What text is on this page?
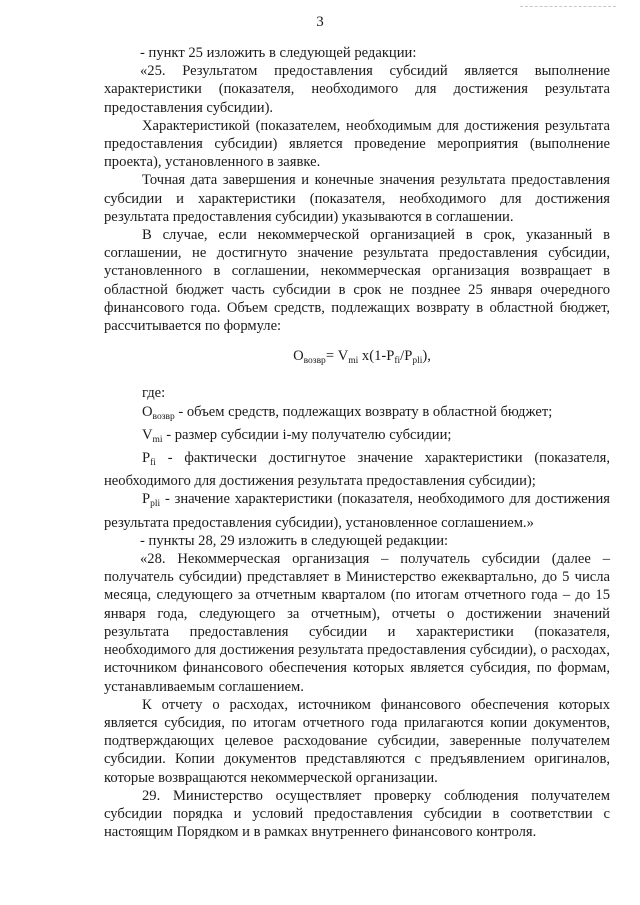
3

- пункт 25 изложить в следующей редакции:

«25. Результатом предоставления субсидий является выполнение характеристики (показателя, необходимого для достижения результата предоставления субсидии).

Характеристикой (показателем, необходимым для достижения результата предоставления субсидии) является проведение мероприятия (выполнение проекта), установленного в заявке.

Точная дата завершения и конечные значения результата предоставления субсидии и характеристики (показателя, необходимого для достижения результата предоставления субсидии) указываются в соглашении.

В случае, если некоммерческой организацией в срок, указанный в соглашении, не достигнуто значение результата предоставления субсидии, установленного в соглашении, некоммерческая организация возвращает в областной бюджет часть субсидии в срок не позднее 25 января очередного финансового года. Объем средств, подлежащих возврату в областной бюджет, рассчитывается по формуле:

$О_{возвр}= V_{mi}$ $x(1-P_{fi}/P_{pli})$,

где:

$О_{возвр}$ - объем средств, подлежащих возврату в областной бюджет;

$V_{mi}$ - размер субсидии i-му получателю субсидии;

$P_{fi}$ - фактически достигнутое значение характеристики (показателя, необходимого для достижения результата предоставления субсидии);

$P_{pli}$ - значение характеристики (показателя, необходимого для достижения результата предоставления субсидии), установленное соглашением.»

- пункты 28, 29 изложить в следующей редакции:

«28. Некоммерческая организация – получатель субсидии (далее – получатель субсидии) представляет в Министерство ежеквартально, до 5 числа месяца, следующего за отчетным кварталом (по итогам отчетного года – до 15 января года, следующего за отчетным), отчеты о достижении значений результата предоставления субсидии и характеристики (показателя, необходимого для достижения результата предоставления субсидии), о расходах, источником финансового обеспечения которых является субсидия, по формам, устанавливаемым соглашением.

К отчету о расходах, источником финансового обеспечения которых является субсидия, по итогам отчетного года прилагаются копии документов, подтверждающих целевое расходование субсидии, заверенные получателем субсидии. Копии документов представляются с предъявлением оригиналов, которые возвращаются некоммерческой организации.

29. Министерство осуществляет проверку соблюдения получателем субсидии порядка и условий предоставления субсидии в соответствии с настоящим Порядком и в рамках внутреннего финансового контроля.
